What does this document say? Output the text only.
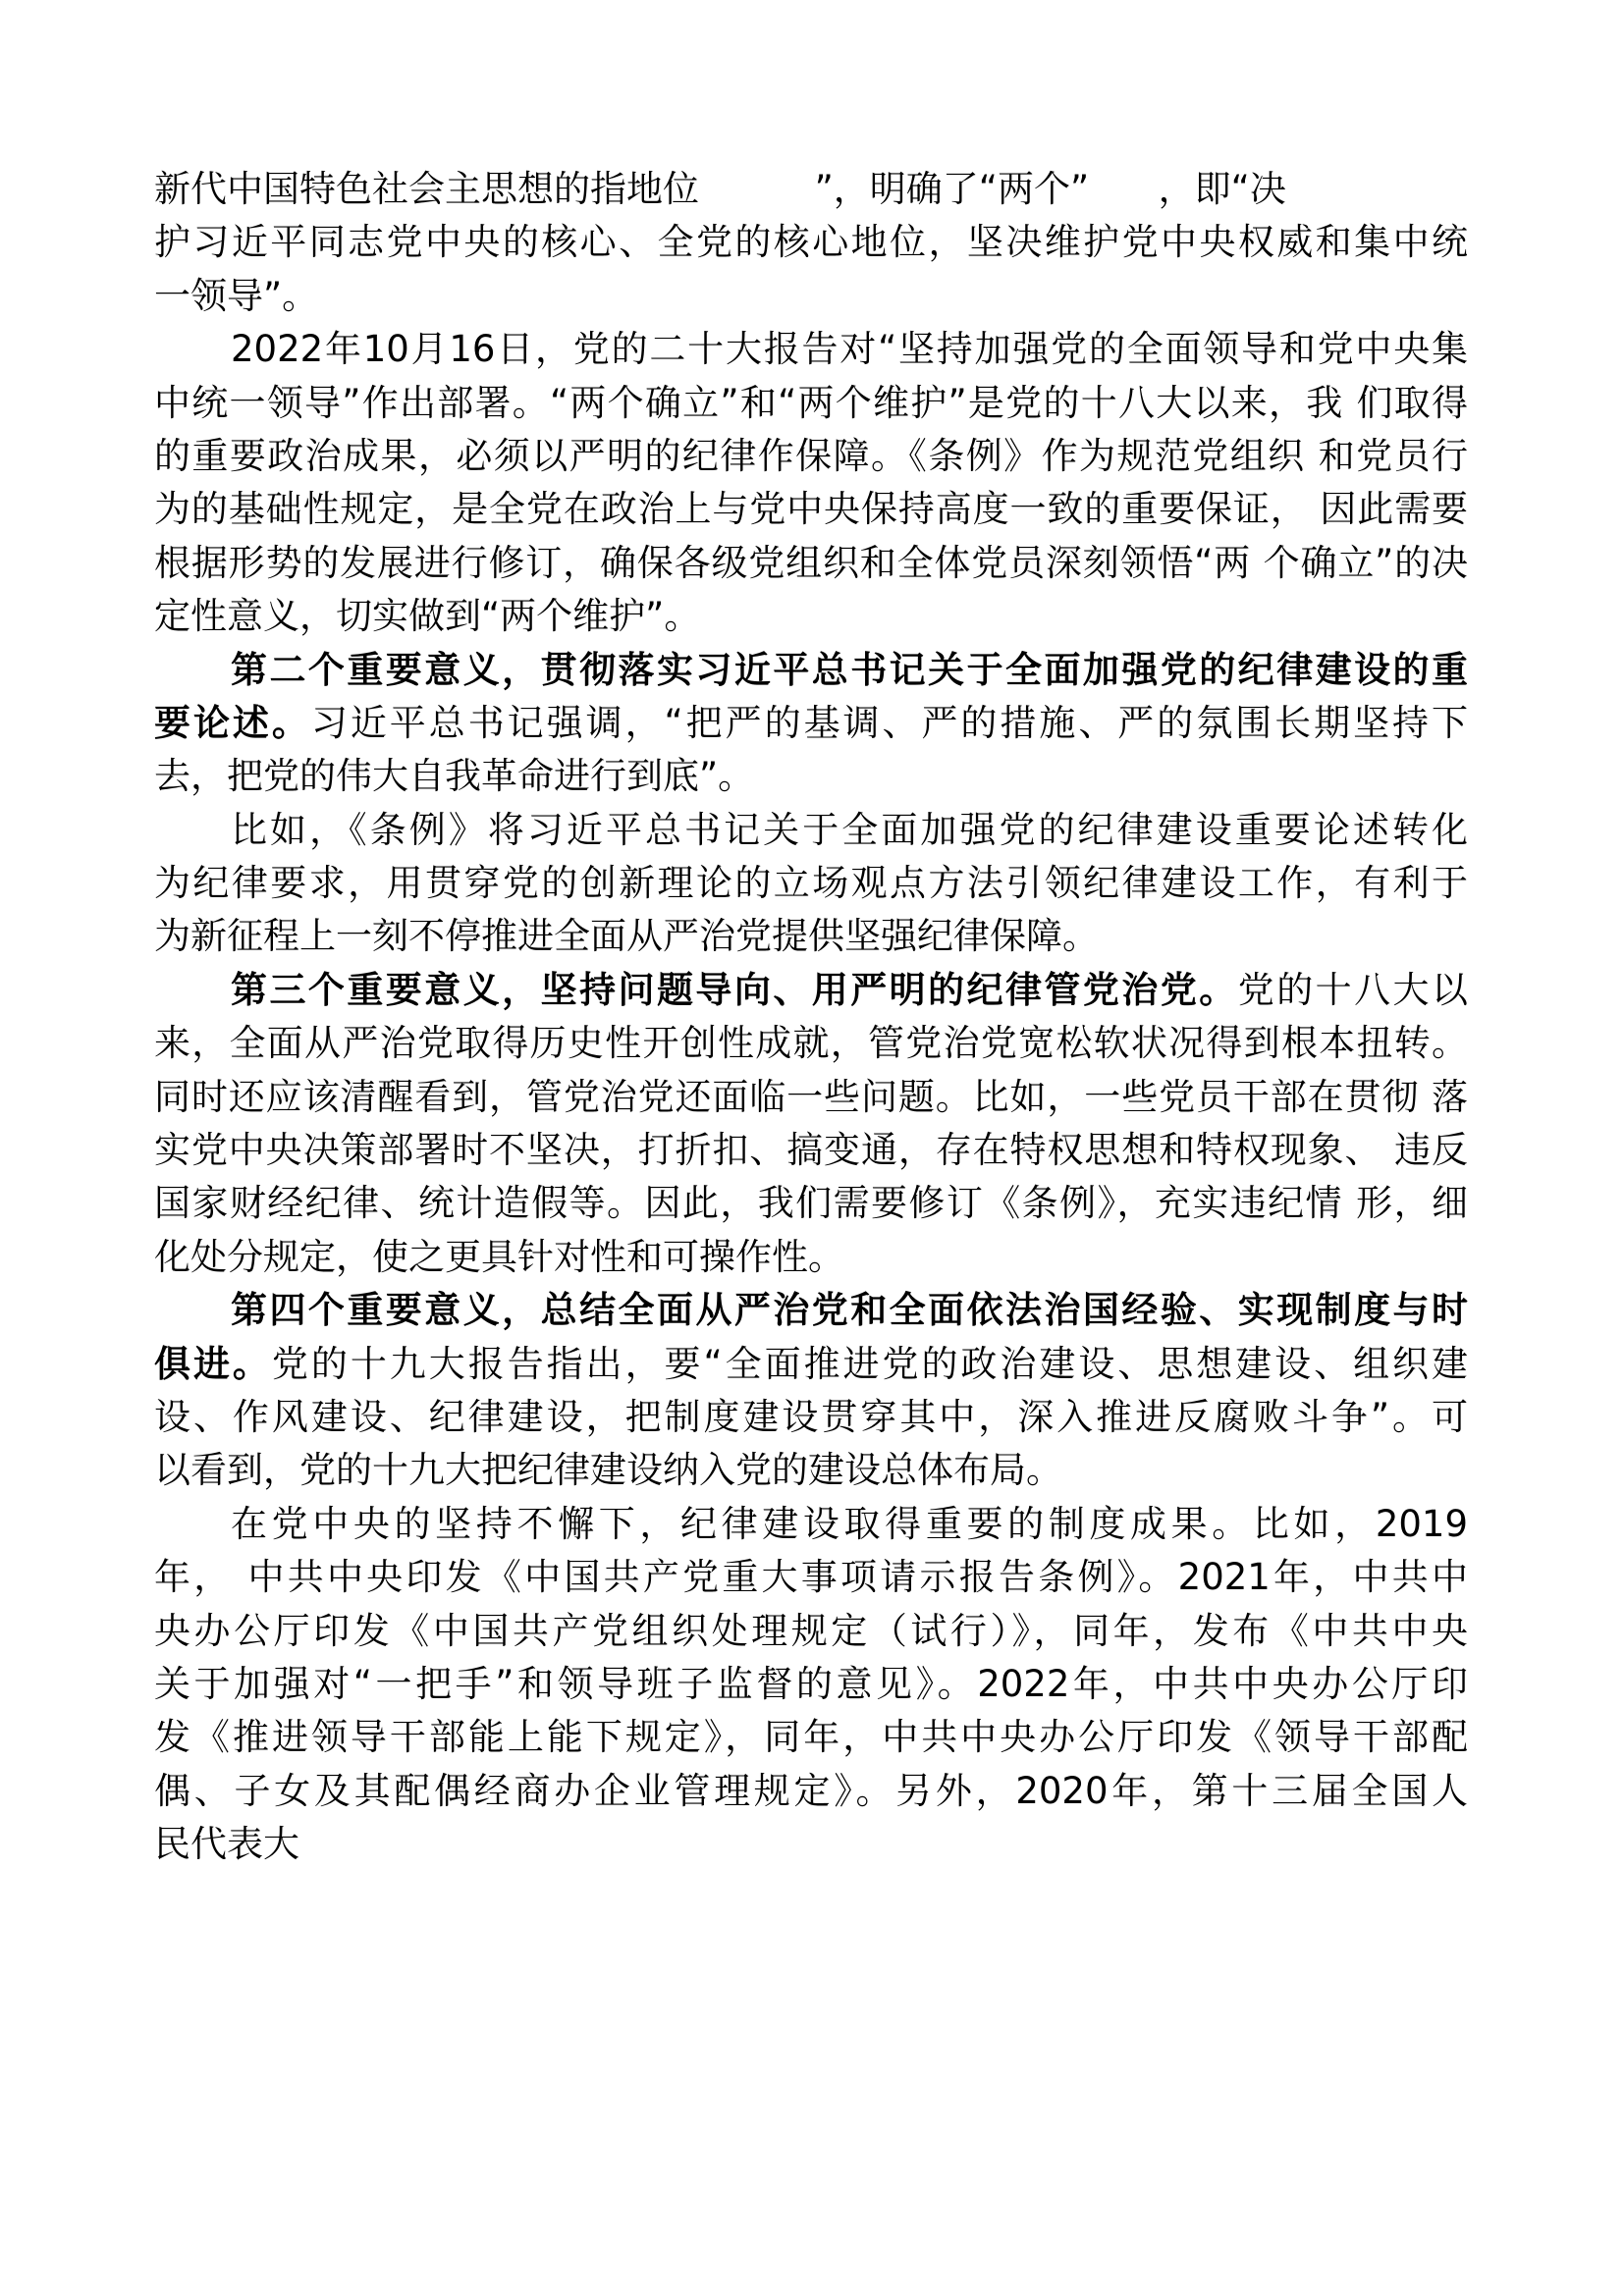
新代中国特色社会主思想的指地位          ”，明确了“两个”      ，即“决
护习近平同志党中央的核心、全党的核心地位，坚决维护党中央权威和集中统
一领导”。
2022年10月16日，党的二十大报告对“坚持加强党的全面领导和党中央集
中统一领导”作出部署。“两个确立”和“两个维护”是党的十八大以来，我 们取得
的重要政治成果，必须以严明的纪律作保障。《条例》作为规范党组织 和党员行
为的基础性规定，是全党在政治上与党中央保持高度一致的重要保证， 因此需要
根据形势的发展进行修订，确保各级党组织和全体党员深刻领悟“两 个确立”的决
定性意义，切实做到“两个维护”。
第二个重要意义，贯彻落实习近平总书记关于全面加强党的纪律建设的重
要论述。习近平总书记强调，“把严的基调、严的措施、严的氛围长期坚持下
去，把党的伟大自我革命进行到底”。
比如，《条例》将习近平总书记关于全面加强党的纪律建设重要论述转化
为纪律要求，用贯穿党的创新理论的立场观点方法引领纪律建设工作，有利于
为新征程上一刻不停推进全面从严治党提供坚强纪律保障。
第三个重要意义，坚持问题导向、用严明的纪律管党治党。党的十八大以
来，全面从严治党取得历史性开创性成就，管党治党宽松软状况得到根本扭转。
同时还应该清醒看到，管党治党还面临一些问题。比如，一些党员干部在贯彻 落
实党中央决策部署时不坚决，打折扣、搞变通，存在特权思想和特权现象、 违反
国家财经纪律、统计造假等。因此，我们需要修订《条例》，充实违纪情 形，细
化处分规定，使之更具针对性和可操作性。
第四个重要意义，总结全面从严治党和全面依法治国经验、实现制度与时
俱进。党的十九大报告指出，要“全面推进党的政治建设、思想建设、组织建
设、作风建设、纪律建设，把制度建设贯穿其中，深入推进反腐败斗争”。可
以看到，党的十九大把纪律建设纳入党的建设总体布局。
在党中央的坚持不懈下，纪律建设取得重要的制度成果。比如，2019
年， 中共中央印发《中国共产党重大事项请示报告条例》。2021年，中共中
央办公厅印发《中国共产党组织处理规定（试行）》，同年，发布《中共中央
关于加强对“一把手”和领导班子监督的意见》。2022年，中共中央办公厅印
发《推进领导干部能上能下规定》，同年，中共中央办公厅印发《领导干部配
偶、子女及其配偶经商办企业管理规定》。另外，2020年，第十三届全国人
民代表大
